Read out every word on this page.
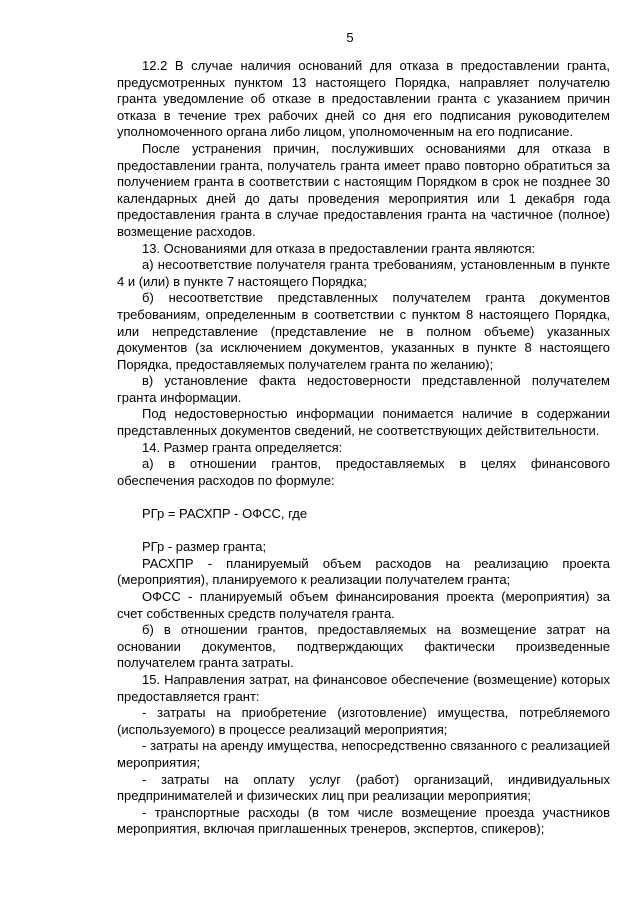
5

12.2 В случае наличия оснований для отказа в предоставлении гранта, предусмотренных пунктом 13 настоящего Порядка, направляет получателю гранта уведомление об отказе в предоставлении гранта с указанием причин отказа в течение трех рабочих дней со дня его подписания руководителем уполномоченного органа либо лицом, уполномоченным на его подписание.

После устранения причин, послуживших основаниями для отказа в предоставлении гранта, получатель гранта имеет право повторно обратиться за получением гранта в соответствии с настоящим Порядком в срок не позднее 30 календарных дней до даты проведения мероприятия или 1 декабря года предоставления гранта в случае предоставления гранта на частичное (полное) возмещение расходов.

13. Основаниями для отказа в предоставлении гранта являются:

а) несоответствие получателя гранта требованиям, установленным в пункте 4 и (или) в пункте 7 настоящего Порядка;

б) несоответствие представленных получателем гранта документов требованиям, определенным в соответствии с пунктом 8 настоящего Порядка, или непредставление (представление не в полном объеме) указанных документов (за исключением документов, указанных в пункте 8 настоящего Порядка, предоставляемых получателем гранта по желанию);

в) установление факта недостоверности представленной получателем гранта информации.

Под недостоверностью информации понимается наличие в содержании представленных документов сведений, не соответствующих действительности.

14. Размер гранта определяется:

а) в отношении грантов, предоставляемых в целях финансового обеспечения расходов по формуле:

РГр = РАСХПР - ОФСС, где

РГр - размер гранта;

РАСХПР - планируемый объем расходов на реализацию проекта (мероприятия), планируемого к реализации получателем гранта;

ОФСС - планируемый объем финансирования проекта (мероприятия) за счет собственных средств получателя гранта.

б) в отношении грантов, предоставляемых на возмещение затрат на основании документов, подтверждающих фактически произведенные получателем гранта затраты.

15. Направления затрат, на финансовое обеспечение (возмещение) которых предоставляется грант:

- затраты на приобретение (изготовление) имущества, потребляемого (используемого) в процессе реализаций мероприятия;

- затраты на аренду имущества, непосредственно связанного с реализацией мероприятия;

- затраты на оплату услуг (работ) организаций, индивидуальных предпринимателей и физических лиц при реализации мероприятия;

- транспортные расходы (в том числе возмещение проезда участников мероприятия, включая приглашенных тренеров, экспертов, спикеров);
